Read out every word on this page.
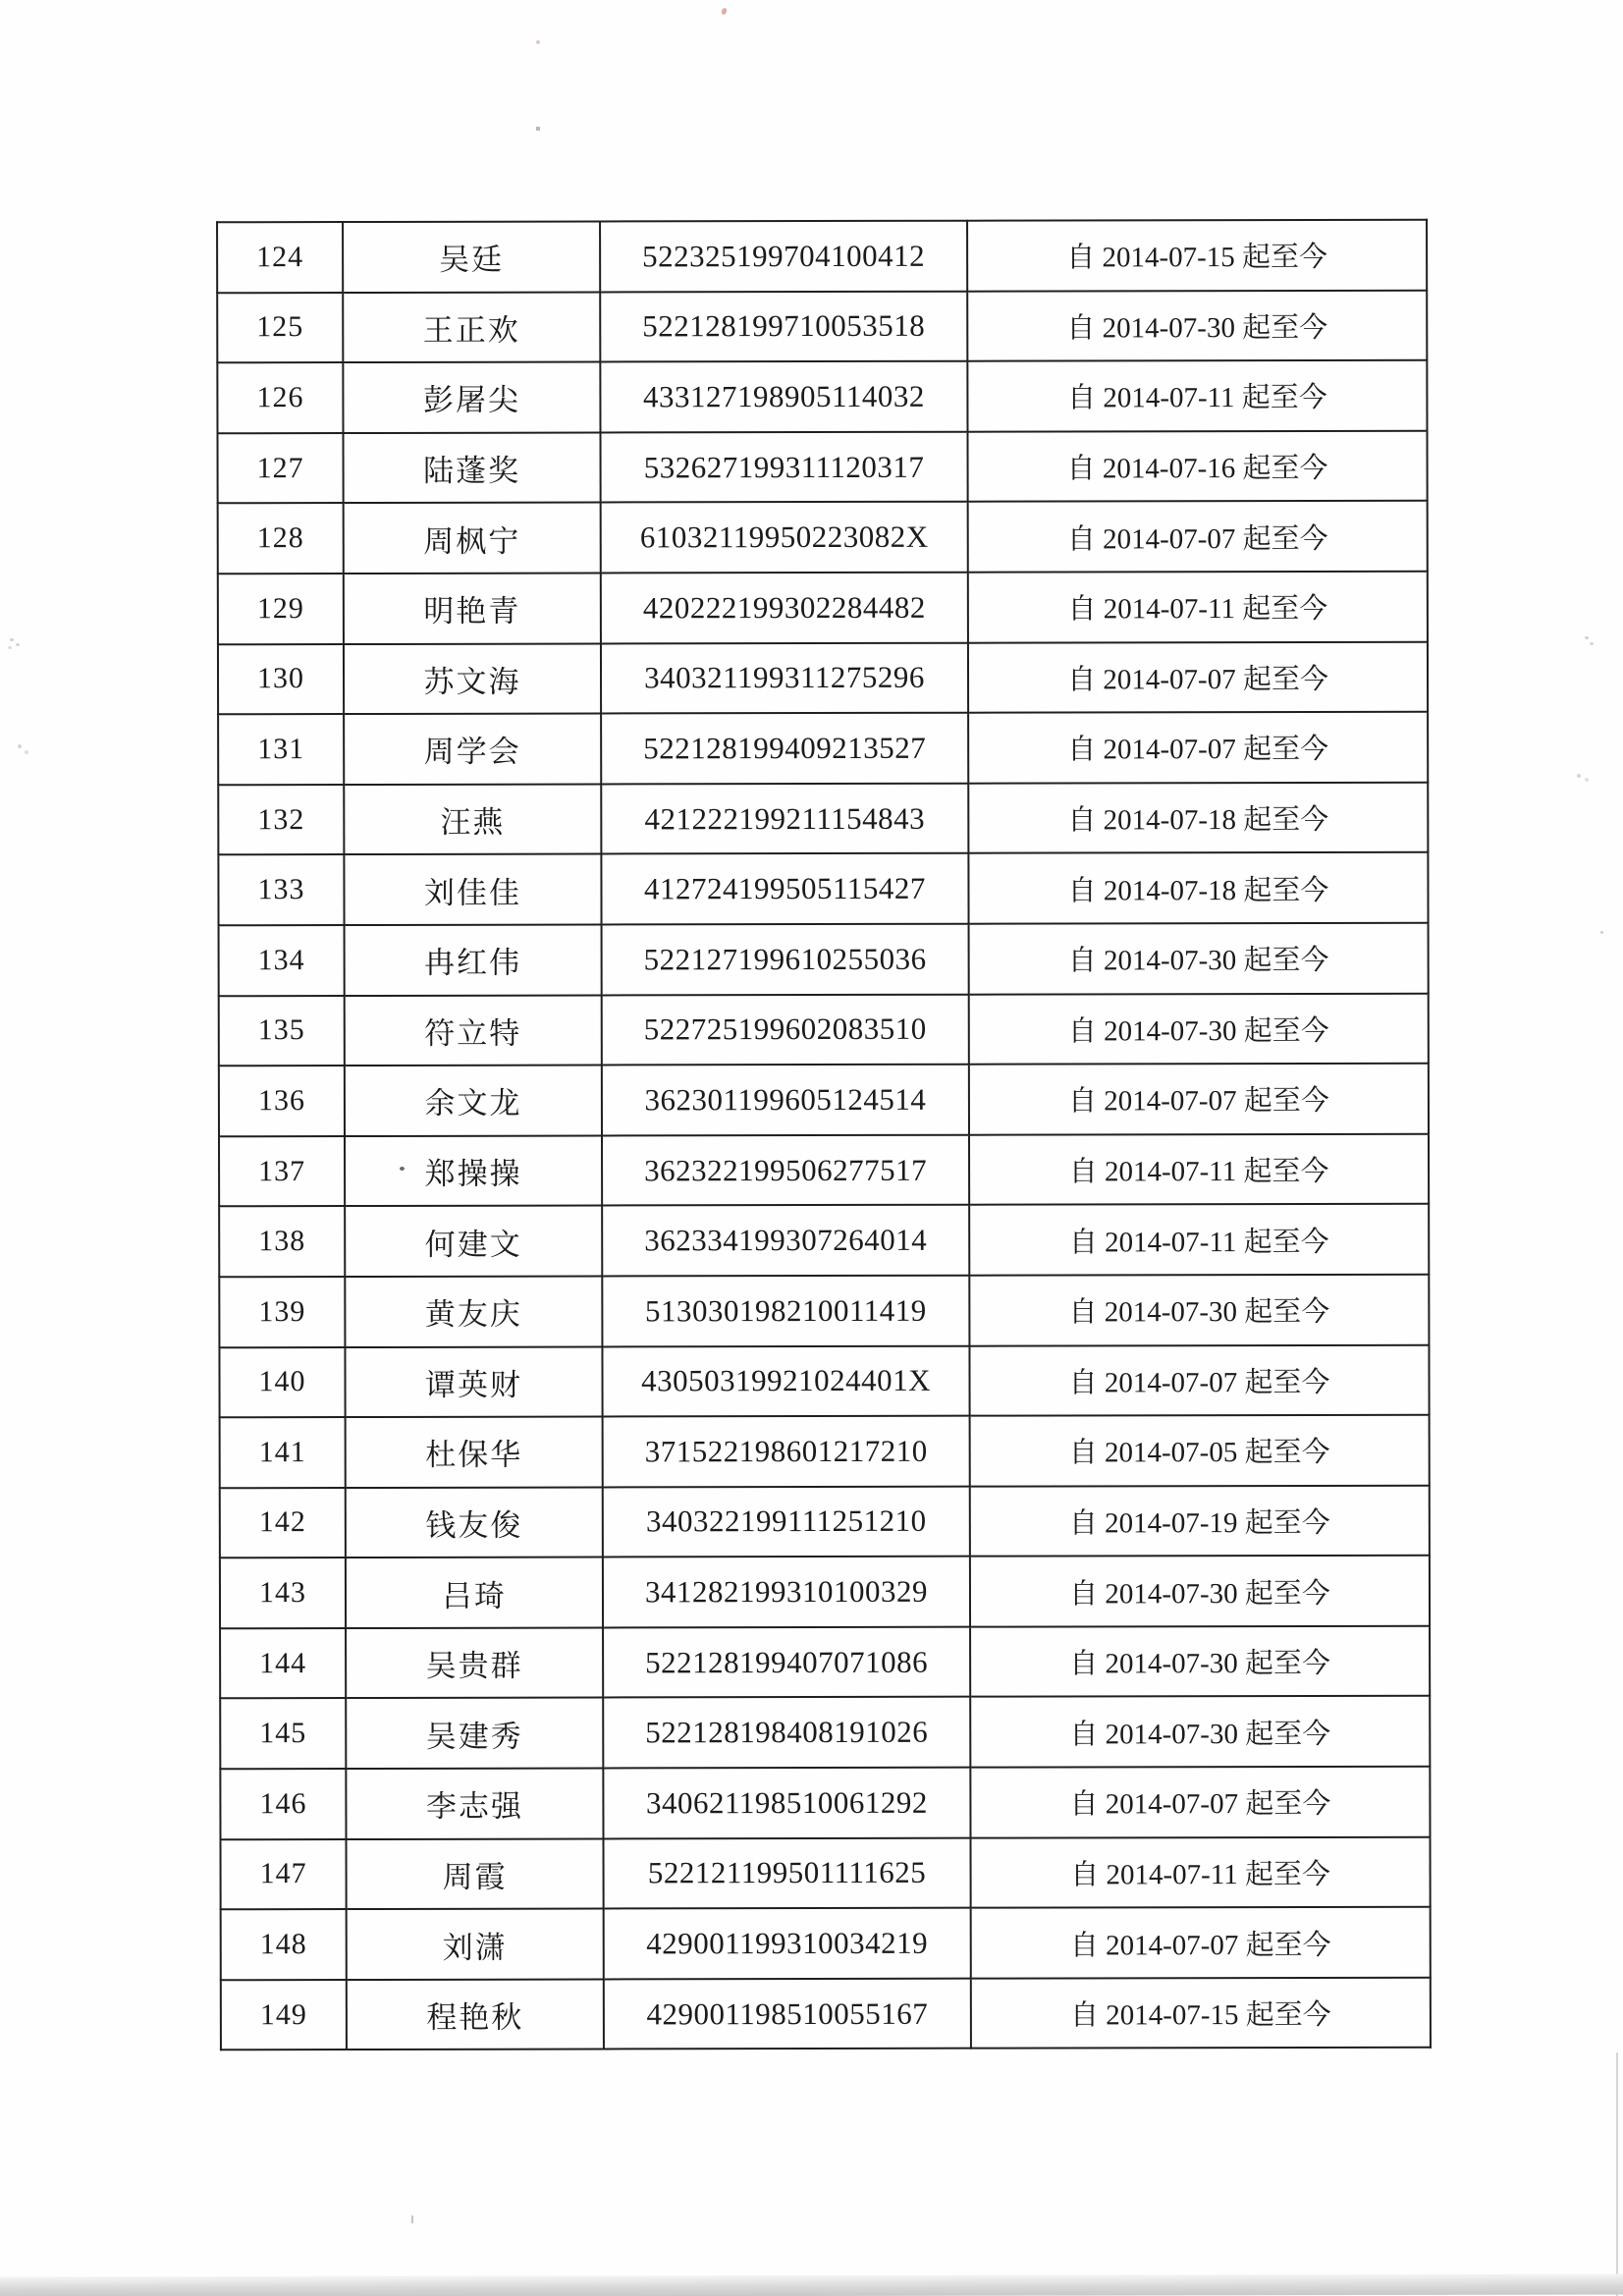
124	吴廷	522325199704100412	自 2014-07-15 起至今
125	王正欢	522128199710053518	自 2014-07-30 起至今
126	彭屠尖	433127198905114032	自 2014-07-11 起至今
127	陆蓬奖	532627199311120317	自 2014-07-16 起至今
128	周枫宁	61032119950223082X	自 2014-07-07 起至今
129	明艳青	420222199302284482	自 2014-07-11 起至今
130	苏文海	340321199311275296	自 2014-07-07 起至今
131	周学会	522128199409213527	自 2014-07-07 起至今
132	汪燕	421222199211154843	自 2014-07-18 起至今
133	刘佳佳	412724199505115427	自 2014-07-18 起至今
134	冉红伟	522127199610255036	自 2014-07-30 起至今
135	符立特	522725199602083510	自 2014-07-30 起至今
136	余文龙	362301199605124514	自 2014-07-07 起至今
137	郑操操	362322199506277517	自 2014-07-11 起至今
138	何建文	362334199307264014	自 2014-07-11 起至今
139	黄友庆	513030198210011419	自 2014-07-30 起至今
140	谭英财	43050319921024401X	自 2014-07-07 起至今
141	杜保华	371522198601217210	自 2014-07-05 起至今
142	钱友俊	340322199111251210	自 2014-07-19 起至今
143	吕琦	341282199310100329	自 2014-07-30 起至今
144	吴贵群	522128199407071086	自 2014-07-30 起至今
145	吴建秀	522128198408191026	自 2014-07-30 起至今
146	李志强	340621198510061292	自 2014-07-07 起至今
147	周霞	522121199501111625	自 2014-07-11 起至今
148	刘潇	429001199310034219	自 2014-07-07 起至今
149	程艳秋	429001198510055167	自 2014-07-15 起至今
